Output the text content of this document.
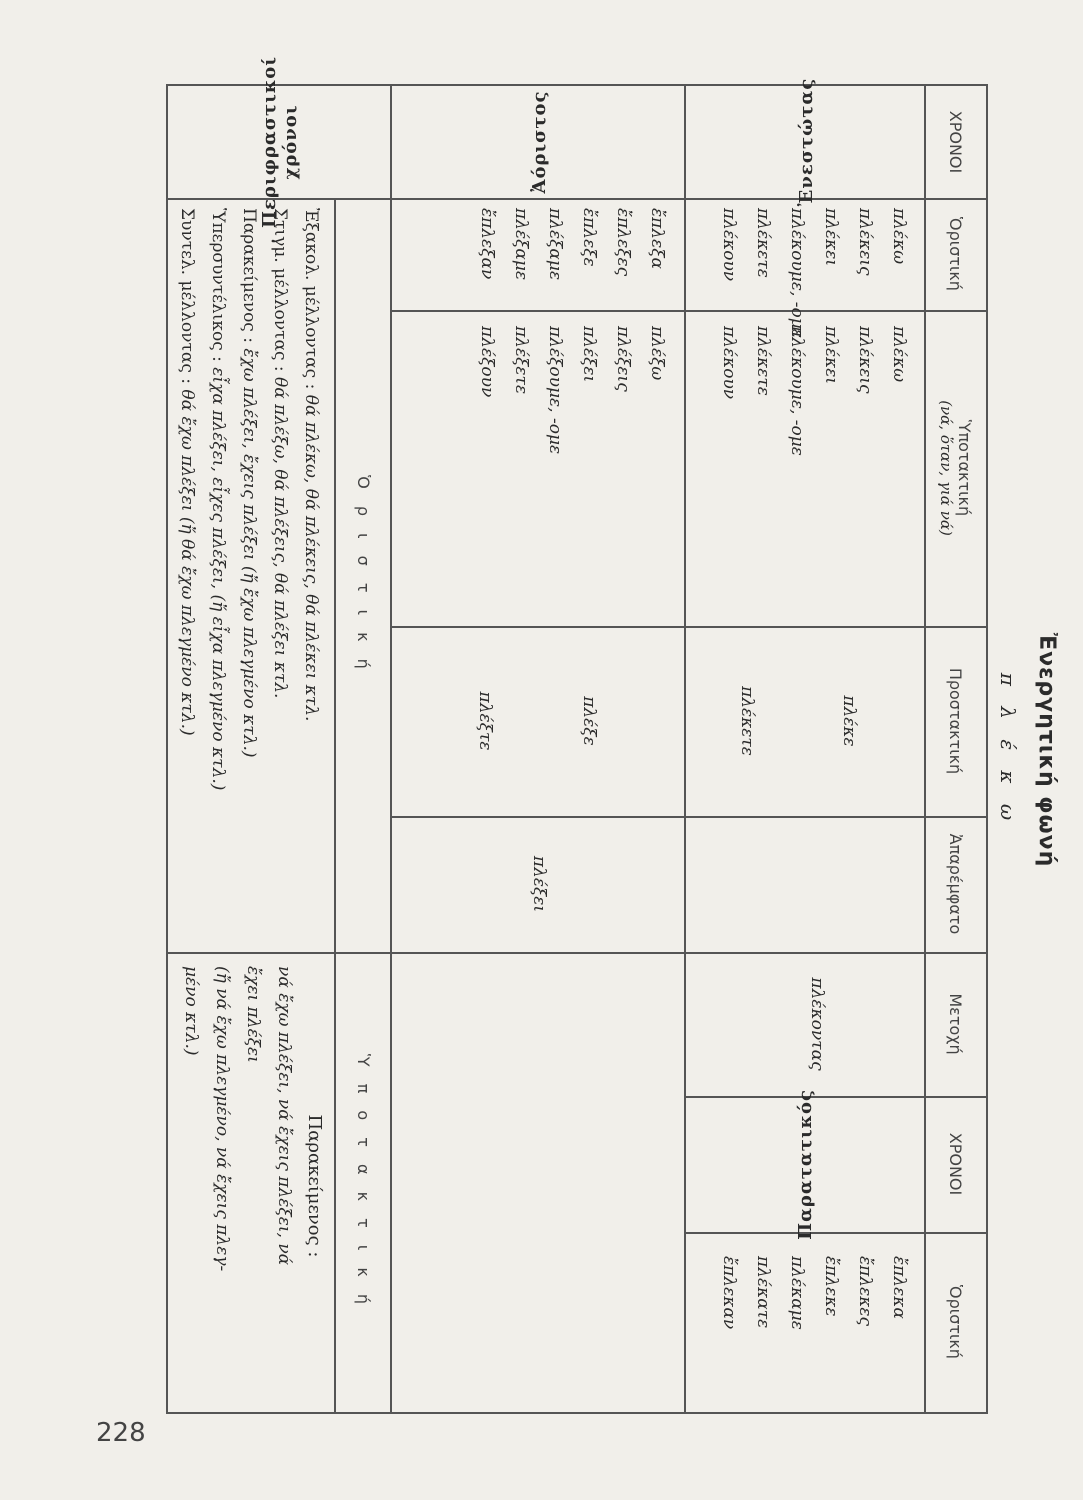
228
Ἐνεργητική φωνή
π λ έ κ ω
ΧΡΟΝΟΙ
Ὁριστική
Ὑποτακτική
(νά, ὅταν, γιά νά)
Προστακτική
Ἀπαρέμφατο
Μετοχή
ΧΡΟΝΟΙ
Ὁριστική
Ἐνεστώτας
πλέκω
πλέκεις
πλέκει
πλέκουμε, -ομε
πλέκετε
πλέκουν
πλέκω
πλέκεις
πλέκει
πλέκουμε, -ομε
πλέκετε
πλέκουν
πλέκε
πλέκετε
πλέκοντας
Παρατατικός
ἔπλεκα
ἔπλεκες
ἔπλεκε
πλέκαμε
πλέκατε
ἔπλεκαν
Ἀόριστος
ἔπλεξα
ἔπλεξες
ἔπλεξε
πλέξαμε
πλέξαμε
ἔπλεξαν
πλέξω
πλέξεις
πλέξει
πλέξουμε, -ομε
πλέξετε
πλέξουν
πλέξε
πλέξτε
πλέξει
Περιφραστικοί χρόνοι
Ὁ ρ ι σ τ ι κ ή
Ὑ π ο τ α κ τ ι κ ή
Ἐξακολ. μέλλοντας : θά πλέκω, θά πλέκεις, θά πλέκει κτλ.
Στιγμ. μέλλοντας : θά πλέξω, θά πλέξεις, θά πλέξει κτλ.
Παρακείμενος : ἔχω πλέξει, ἔχεις πλέξει (ἤ ἔχω πλεγμένο κτλ.)
Ὑπερσυντέλικος : εἶχα πλέξει, εἶχες πλέξει, (ἤ εἶχα πλεγμένο κτλ.)
Συντελ. μέλλοντας : θά ἔχω πλέξει (ἤ θά ἔχω πλεγμένο κτλ.)
Παρακείμενος :
νά ἔχω πλέξει, νά ἔχεις πλέξει, νά
ἔχει πλέξει
(ἤ νά ἔχω πλεγμένο, νά ἔχεις πλεγ-
μένο κτλ.)
